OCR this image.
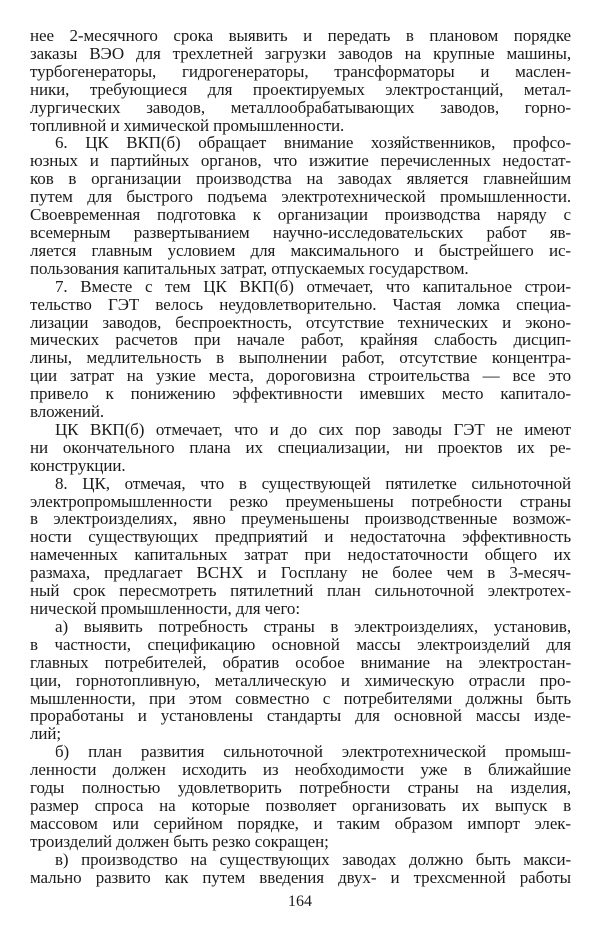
нее 2-месячного срока выявить и передать в плановом порядке
заказы ВЭО для трехлетней загрузки заводов на крупные машины,
турбогенераторы, гидрогенераторы, трансформаторы и маслен-
ники, требующиеся для проектируемых электростанций, метал-
лургических заводов, металлообрабатывающих заводов, горно-
топливной и химической промышленности.
6. ЦК ВКП(б) обращает внимание хозяйственников, профсо-
юзных и партийных органов, что изжитие перечисленных недостат-
ков в организации производства на заводах является главнейшим
путем для быстрого подъема электротехнической промышленности.
Своевременная подготовка к организации производства наряду с
всемерным развертыванием научно-исследовательских работ яв-
ляется главным условием для максимального и быстрейшего ис-
пользования капитальных затрат, отпускаемых государством.
7. Вместе с тем ЦК ВКП(б) отмечает, что капитальное строи-
тельство ГЭТ велось неудовлетворительно. Частая ломка специа-
лизации заводов, беспроектность, отсутствие технических и эконо-
мических расчетов при начале работ, крайняя слабость дисцип-
лины, медлительность в выполнении работ, отсутствие концентра-
ции затрат на узкие места, дороговизна строительства — все это
привело к понижению эффективности имевших место капитало-
вложений.
ЦК ВКП(б) отмечает, что и до сих пор заводы ГЭТ не имеют
ни окончательного плана их специализации, ни проектов их ре-
конструкции.
8. ЦК, отмечая, что в существующей пятилетке сильноточной
электропромышленности резко преуменьшены потребности страны
в электроизделиях, явно преуменьшены производственные возмож-
ности существующих предприятий и недостаточна эффективность
намеченных капитальных затрат при недостаточности общего их
размаха, предлагает ВСНХ и Госплану не более чем в 3-месяч-
ный срок пересмотреть пятилетний план сильноточной электротех-
нической промышленности, для чего:
а) выявить потребность страны в электроизделиях, установив,
в частности, спецификацию основной массы электроизделий для
главных потребителей, обратив особое внимание на электростан-
ции, горнотопливную, металлическую и химическую отрасли про-
мышленности, при этом совместно с потребителями должны быть
проработаны и установлены стандарты для основной массы изде-
лий;
б) план развития сильноточной электротехнической промыш-
ленности должен исходить из необходимости уже в ближайшие
годы полностью удовлетворить потребности страны на изделия,
размер спроса на которые позволяет организовать их выпуск в
массовом или серийном порядке, и таким образом импорт элек-
троизделий должен быть резко сокращен;
в) производство на существующих заводах должно быть макси-
мально развито как путем введения двух- и трехсменной работы
164
